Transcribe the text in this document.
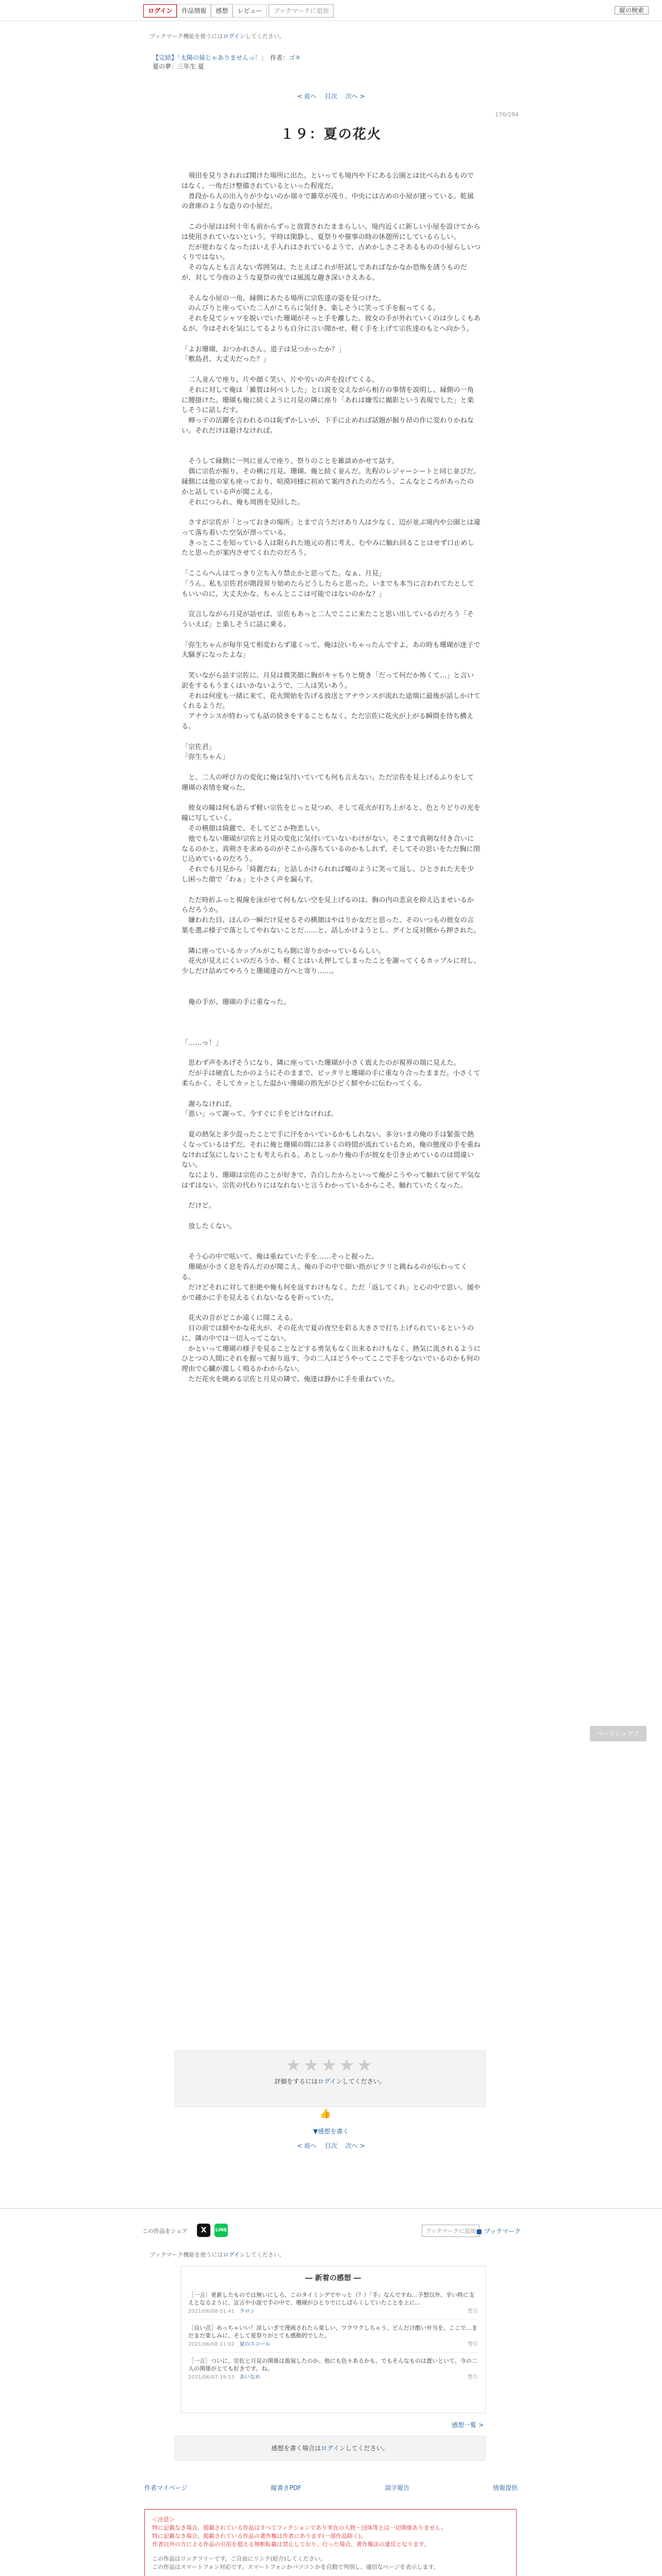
ログイン	作品情報	感想	レビュー	ブックマークに追加	縦の検索
ブックマーク機能を使うにはログインしてください。
【完結】「太陽の妹じゃありませんっ！」　 作者：ゴキ
夏の夢：三年生 夏
< 前へ 目次 次へ >
176/294
１９：夏の花火

　飛田を見りされれば聞けた場所に出た。といっても境内や下にある公園とは比べられるものではなく、一角だけ整備されているといった程度だ。

　普段から人の出入りが少ないのか端々で雑草が茂り、中央には古めの小屋が建っている。乾風の倉庫のような造りの小屋だ。

　この小屋はは何十年も前からずっと放置されたままらしい。境内近くに新しい小屋を設けてからは使用されていないという。平時は閑静し、夏祭りや催事の時の休憩所にしているらしい。

　だが使わなくなったはいえ手入れはされているようで、古めかしさこそあるものの小屋らしいつくりではない。

　そのなんとも言えない雰囲気は、たとえばこれが肝試しであればなかなか恐怖を誘うものだが、対して今夜のような夏祭の夜では風流な趣き深いさえある。

　そんな小屋の一角、縁側にあたる場所に宗佐達の姿を見つけた。

　のんびりと座っていた二人がこちらに気付き、楽しそうに笑って手を振ってくる。

　それを見てシャツを脱いでいた珊瑚がそっと手を離した。彼女の手が外れていくのは少しくもあるが、今はそれを気にしてるよりも自分に言い聞かせ、軽く手を上げて宗佐達のもとへ向かう。

「よお珊瑚、おつかれさん。道子は見つかったか？」

「敷島君、大丈夫だった？」

　二人並んで座り、片や顔く笑い、片や労いの声を投げてくる。

　それに対して俺は「雑賀は何ぺトした」と口説を交えながら相方の事情を説明し、縁側の一角に腰掛けた。珊瑚も俺に続くように月見の隣に座り「あれは嫌雪に撮影という表現でした」と楽しそうに話しだす。

　蝉っ子の活躍を言われるのは恥ずかしいが、下手に止めれば話題が掘り昂の作に変わりかねない。それだけは避けなければ。

　そうして縁側に一列に並んで座り、祭りのことを雑談めかせて話す。

　偶に宗佐が振り、その横に月見、珊瑚、俺と続く並んだ。先程のレジャーシートと同じ並びだ。縁側には他の家も座っており、喧漠同様に初めて案内されたのだろう、こんなところがあったのかと話している声が聞こえる。

　それにつられ、俺も周囲を見回した。

　さすが宗佐が「とっておきの場所」とまで言うだけあり人は少なく、辺が並ぶ境内や公園とは違って落ち着いた空気が漂っている。

　きっとここを知っている人は限られた地元の者に考え、むやみに触れ回ることはせず口止めしたと思ったが案内させてくれたのだろう。

「ここらへんはてっきり立ち入り禁止かと思ってた。なぁ、月見」

「うん、私も宗佐君が階段昇り始めたらどうしたらと思った。いまでも本当に言われてたとしてもいいのに、大丈夫かな、ちゃんとここは可能ではないのかな？」

　宣言しながら月見が話せば、宗佐もあっと二人でここに来たこと思い出しているのだろう「そういえば」と楽しそうに話に乗る。

「弥生ちゃんが毎年見て相変わらず違くって、俺は泣いちゃったんですよ。あの時も珊瑚が迷子で大騒ぎになったよな」

　笑いながら話す宗佐に、月見は微笑顔に胸がキャちりと焼き「だって何だか怖くて…」と言い訳をするもうまくはいかないようで、二人は笑いあう。

　それは何度も一緒に来て、花火開始を告げる放送とアナウンスが流れた途端に最後が話しかけてくれるようだ。

　アナウンスが終わっても話の続きをすることもなく、ただ宗佐に花火が上がる瞬間を待ち構える。

「宗佐君」

「弥生ちゃん」

　と、二人の呼び方の変化に俺は気付いていても何も言えない。ただ宗佐を見上げるふりをして珊瑚の表情を窺った。

　彼女の瞳は何も語らず軽い宗佐をじっと見つめ、そして花火が打ち上がると、色とりどりの光を瞳に写していく。

　その横顔は綺麗で、そしてどこか物悲しい。

　他でもない珊瑚が宗佐と月見の変化に気付いていないわけがない。そこまで真剣な付き合いになるのかと、真剣さを求めるのがそこから落ちているのかもしれず、そしてその思いをただ胸に閉じ込めているのだろう。

　それでも月見から「綺麗だね」と話しかけられれば嘘のように笑って返し、ひとされた夫を少し困った顔で「わぁ」と小さく声を漏らす。

　ただ時折ふっと視線を泳がせて何もない空を見上げるのは、胸の内の悲哀を抑え込ませいるからだろうか。

　嫌われた目、ほんの一瞬だけ見せるその横顔はやはりか女だと思った、そのいつもの彼女の言葉を選ぶ様子で落としてやれないことだ……と、話しかけようとし、グイと反対側から押された。

　隣に座っているカップルがこちら側に寄りかかっているらしい。

　花火が見えにくいのだろうか、軽くとはいえ押してしまったことを謝ってくるカップルに対し、少しだけ詰めてやろうと珊瑚達の方へと寄り……。

　俺の手が、珊瑚の手に重なった。

「……っ！」

　思わず声をあげそうになり、隣に座っていた珊瑚が小さく震えたのが視界の端に見えた。

　だが手は硬直したかのようにそのままで、ピッタリと珊瑚の手に重なり合ったままだ。小さくて柔らかく、そしてカッとした温かい珊瑚の指先がひどく鮮やかに伝わってくる。

　謝らなければ。

「悪い」って謝って、今すぐに手をどけなければ。

　夏の熱気と多少混ったことで手に汗をかいているかもしれない。多分いまの俺の手は緊張で熱くなっているはずだ。それに俺と珊瑚の間には多くの時間が流れているため、俺の態度の手を重ねなければ気にしないことも考えられる。あとしっかり俺の手が彼女を引き止めているのは間違いない。

　なにより、珊瑚は宗佐のことが好きで、告白したからといって俺がこうやって触れて居て平気なはずはない。宗佐の代わりにはなれないと言うわかっているからこそ、触れていたくなった。

　だけど。

　放したくない。

　そう心の中で呟いて、俺は重ねていた手を……そっと握った。

　珊瑚が小さく息を呑んだのが聞こえ、俺の手の中で細い指がビクリと跳ねるのが伝わってくる。

　だけどそれに対して拒絶や俺も何を返すわけもなく、ただ「返してくれ」と心の中で思い、緩やかで確かに手を見えるくれないなるを祈っていた。

　花火の音がどこか遠くに聞こえる。

　目の前では鮮やかな花火が、その花火で夏の夜空を彩る大きさで打ち上げられているというのに、隣の中では一切入ってこない。

　かといって珊瑚の様子を見ることなどする勇気もなく出来るわけもなく、熱気に流されるようにひとつの人間にそれを握って握り返す、今の二人はどうやってここで手をつないでいるのかも何の理由で心臓が激しく鳴るかわからない。

　ただ花火を眺める宗佐と月見の隣で、俺達は静かに手を重ねていた。

ページシェアア
★★★★★
評価をするにはログインしてください。
👍
▼感想を書く
< 前へ 目次 次へ >
この作品をシェア	X	LINE	ブックマークに追加 ■ ブックマーク
ブックマーク機能を使うにはログインしてください。
― 新着の感想 ―
［一言］更新したものでは無いにしろ、このタイミングでやっと（？）「手」なんですね…予想以外、辛い時に支えとなるように、宣言や小説で手の中で、珊瑚がひとりでにしばらくしていたことを上に…
2021/06/08 01:41　 ラロン	警告
［良い点］めっちゃいい！涼しいぎで漫画されたら楽しい、ワクワクしちゃう、どんだけ酷い弁当を、ここで…まだまだ楽しみに、そして夏祭りがとても感動的でした。
2021/06/08 11:02　 夏のスコール	警告
［一言］ついに、宗佐と月見の関係は進展したのか、他にも色々あるかも、でもそんなものは置いといて、今の二人の関係がとても好きです。ね。
2021/06/07 19:13　 あいなめ	警告
感想一覧 >
感想を書く場合はログインしてください。
作者マイページ	縦書きPDF	誤字報告	情報提供
＜注意＞
特に記載なき場合、掲載されている作品はすべてフィクションであり実在の人物・団体等とは一切関係ありません。
特に記載なき場合、掲載されている作品の著作権は作者にあります(一部作品除く)。
作者以外の方による作品の引用を超える無断転載は禁止しており、行った場合、著作権法の違反となります。
この作品はリンクフリーです。ご自由にリンク(紹介)してください。
この作品はスマートフォン対応です。スマートフォンかパソコンかを自動で判別し、適切なページを表示します。
